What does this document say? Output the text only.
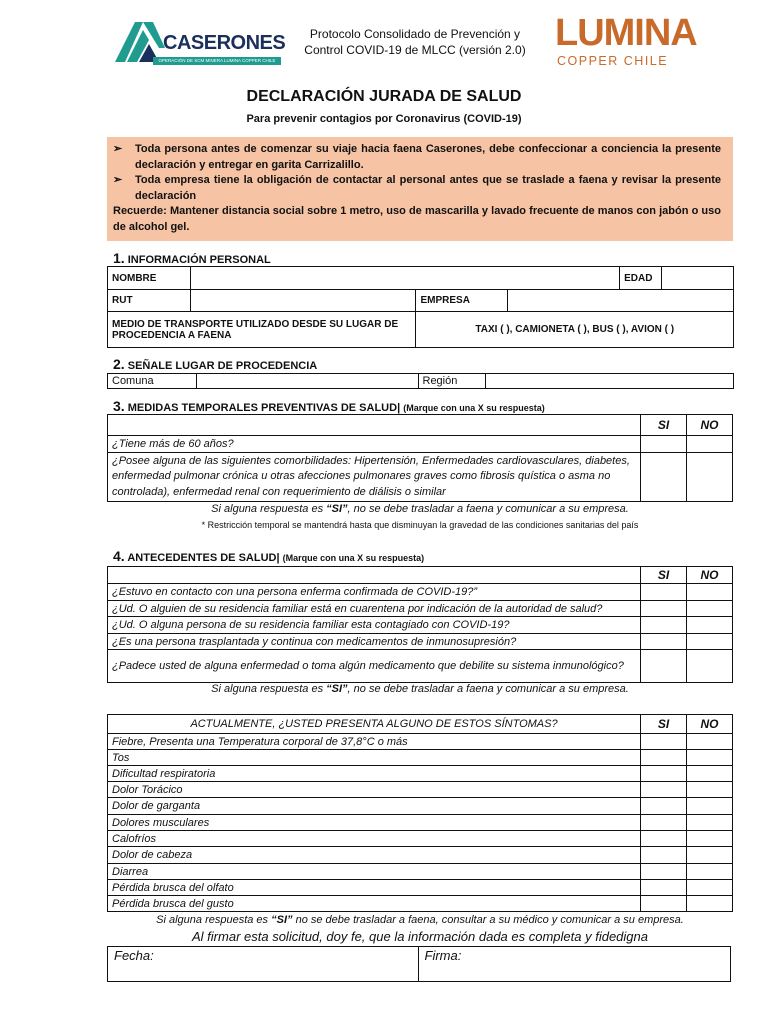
CASERONES
OPERACIÓN DE SCM MINERA LUMINA COPPER CHILE
Protocolo Consolidado de Prevención y
Control COVID-19 de MLCC (versión 2.0) LUMINA
COPPER CHILE
DECLARACIÓN JURADA DE SALUD
Para prevenir contagios por Coronavirus (COVID-19)
➢	Toda persona antes de comenzar su viaje hacia faena Caserones, debe confeccionar a conciencia la presente declaración y entregar en garita Carrizalillo.
➢	Toda empresa tiene la obligación de contactar al personal antes que se traslade a faena y revisar la presente declaración
Recuerde: Mantener distancia social sobre 1 metro, uso de mascarilla y lavado frecuente de manos con jabón o uso de alcohol gel.
1. INFORMACIÓN PERSONAL
NOMBRE				EDAD	
RUT		EMPRESA			
MEDIO DE TRANSPORTE UTILIZADO DESDE SU LUGAR DE PROCEDENCIA A FAENA		TAXI ( ), CAMIONETA ( ), BUS ( ), AVION ( )			
2. SEÑALE LUGAR DE PROCEDENCIA
Comuna		Región	
3. MEDIDAS TEMPORALES PREVENTIVAS DE SALUD| (Marque con una X su respuesta)
	SI	NO
¿Tiene más de 60 años?		
¿Posee alguna de las siguientes comorbilidades: Hipertensión, Enfermedades cardiovasculares, diabetes, enfermedad pulmonar crónica u otras afecciones pulmonares graves como fibrosis quística o asma no controlada), enfermedad renal con requerimiento de diálisis o similar		
Si alguna respuesta es “SI”, no se debe trasladar a faena y comunicar a su empresa.
* Restricción temporal se mantendrá hasta que disminuyan la gravedad de las condiciones sanitarias del país
4. ANTECEDENTES DE SALUD| (Marque con una X su respuesta)
	SI	NO
¿Estuvo en contacto con una persona enferma confirmada de COVID-19?”		
¿Ud. O alguien de su residencia familiar está en cuarentena por indicación de la autoridad de salud?		
¿Ud. O alguna persona de su residencia familiar esta contagiado con COVID-19?		
¿Es una persona trasplantada y continua con medicamentos de inmunosupresión?		
¿Padece usted de alguna enfermedad o toma algún medicamento que debilite su sistema inmunológico?		
Si alguna respuesta es “SI”, no se debe trasladar a faena y comunicar a su empresa.
ACTUALMENTE, ¿USTED PRESENTA ALGUNO DE ESTOS SÍNTOMAS?	SI	NO
Fiebre, Presenta una Temperatura corporal de 37,8°C o más		
Tos		
Dificultad respiratoria		
Dolor Torácico		
Dolor de garganta		
Dolores musculares		
Calofríos		
Dolor de cabeza		
Diarrea		
Pérdida brusca del olfato		
Pérdida brusca del gusto		
Si alguna respuesta es “SI” no se debe trasladar a faena, consultar a su médico y comunicar a su empresa.
Al firmar esta solicitud, doy fe, que la información dada es completa y fidedigna
Fecha:	Firma:
